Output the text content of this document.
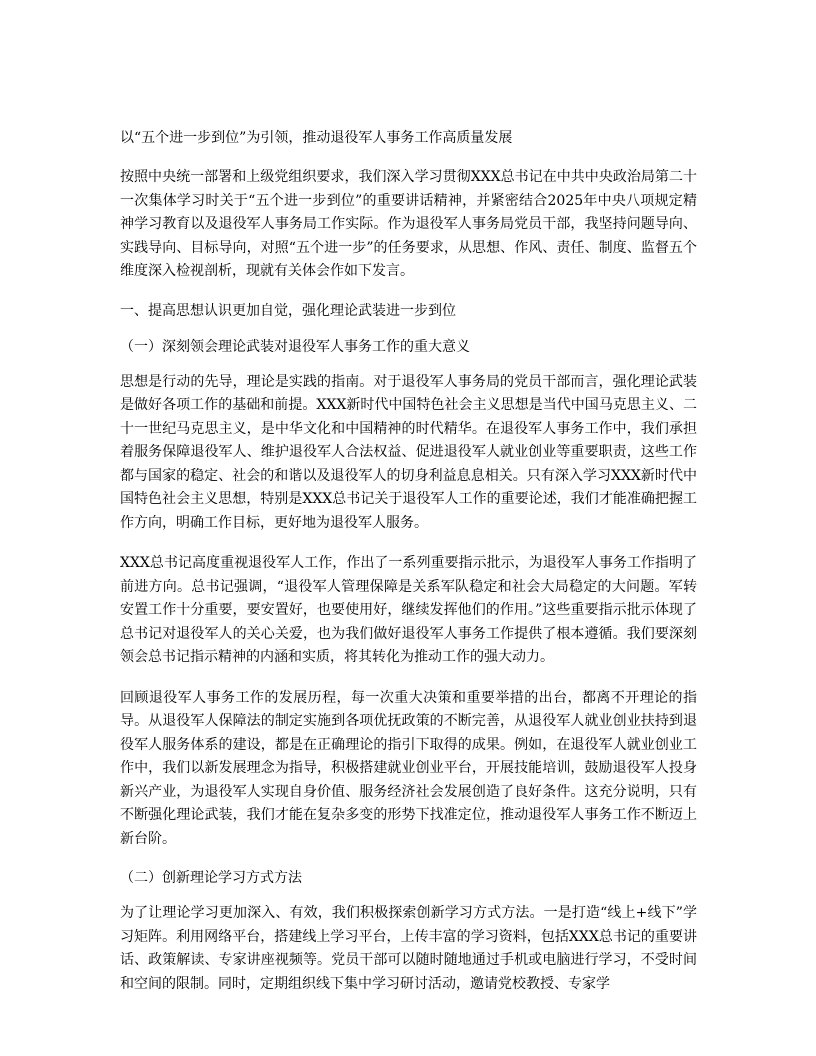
以“五个进一步到位”为引领，推动退役军人事务工作高质量发展

按照中央统一部署和上级党组织要求，我们深入学习贯彻XXX总书记在中共中央政治局第二十一次集体学习时关于“五个进一步到位”的重要讲话精神，并紧密结合2025年中央八项规定精神学习教育以及退役军人事务局工作实际。作为退役军人事务局党员干部，我坚持问题导向、实践导向、目标导向，对照“五个进一步”的任务要求，从思想、作风、责任、制度、监督五个维度深入检视剖析，现就有关体会作如下发言。

一、提高思想认识更加自觉，强化理论武装进一步到位

（一）深刻领会理论武装对退役军人事务工作的重大意义

思想是行动的先导，理论是实践的指南。对于退役军人事务局的党员干部而言，强化理论武装是做好各项工作的基础和前提。XXX新时代中国特色社会主义思想是当代中国马克思主义、二十一世纪马克思主义，是中华文化和中国精神的时代精华。在退役军人事务工作中，我们承担着服务保障退役军人、维护退役军人合法权益、促进退役军人就业创业等重要职责，这些工作都与国家的稳定、社会的和谐以及退役军人的切身利益息息相关。只有深入学习XXX新时代中国特色社会主义思想，特别是XXX总书记关于退役军人工作的重要论述，我们才能准确把握工作方向，明确工作目标，更好地为退役军人服务。

XXX总书记高度重视退役军人工作，作出了一系列重要指示批示，为退役军人事务工作指明了前进方向。总书记强调，“退役军人管理保障是关系军队稳定和社会大局稳定的大问题。军转安置工作十分重要，要安置好，也要使用好，继续发挥他们的作用。”这些重要指示批示体现了总书记对退役军人的关心关爱，也为我们做好退役军人事务工作提供了根本遵循。我们要深刻领会总书记指示精神的内涵和实质，将其转化为推动工作的强大动力。

回顾退役军人事务工作的发展历程，每一次重大决策和重要举措的出台，都离不开理论的指导。从退役军人保障法的制定实施到各项优抚政策的不断完善，从退役军人就业创业扶持到退役军人服务体系的建设，都是在正确理论的指引下取得的成果。例如，在退役军人就业创业工作中，我们以新发展理念为指导，积极搭建就业创业平台，开展技能培训，鼓励退役军人投身新兴产业，为退役军人实现自身价值、服务经济社会发展创造了良好条件。这充分说明，只有不断强化理论武装，我们才能在复杂多变的形势下找准定位，推动退役军人事务工作不断迈上新台阶。

（二）创新理论学习方式方法

为了让理论学习更加深入、有效，我们积极探索创新学习方式方法。一是打造“线上+线下”学习矩阵。利用网络平台，搭建线上学习平台，上传丰富的学习资料，包括XXX总书记的重要讲话、政策解读、专家讲座视频等。党员干部可以随时随地通过手机或电脑进行学习，不受时间和空间的限制。同时，定期组织线下集中学习研讨活动，邀请党校教授、专家学
